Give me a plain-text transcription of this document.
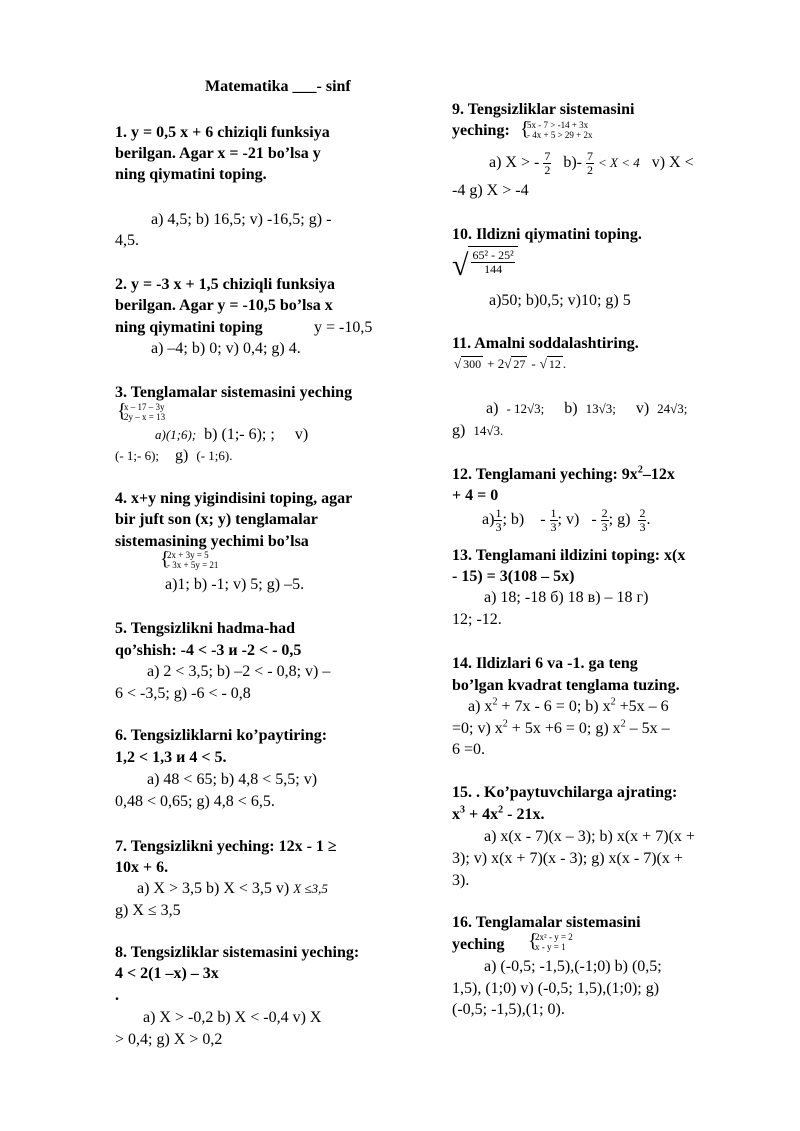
Matematika ___- sinf
1. y = 0,5 x + 6 chiziqli funksiya
berilgan. Agar x = -21 bo’lsa y
ning qiymatini toping.
a) 4,5; b) 16,5; v) -16,5; g) -
4,5.
2. y = -3 x + 1,5 chiziqli funksiya
berilgan. Agar y = -10,5 bo’lsa x
ning qiymatini toping	y = -10,5
a) –4; b) 0; v) 0,4; g) 4.
3. Tenglamalar sistemasini yeching
{ x – 17 – 3y
2y – x = 13
a)(1;6); b) (1;- 6); ;     v)
(- 1;- 6); g) (- 1;6).
4. x+y ning yigindisini toping, agar
bir juft son (x; y) tenglamalar
sistemasining yechimi bo’lsa
{ 2x + 3y = 5
- 3x + 5y = 21
a)1; b) -1; v) 5; g) –5.
5. Tengsizlikni hadma-had
qo’shish: -4 < -3 и -2 < - 0,5
a) 2 < 3,5; b) –2 < - 0,8; v) –
6 < -3,5; g) -6 < - 0,8
6. Tengsizliklarni ko’paytiring:
1,2 < 1,3 и 4 < 5.
a) 48 < 65; b) 4,8 < 5,5; v)
0,48 < 0,65; g) 4,8 < 6,5.
7. Tengsizlikni yeching: 12x - 1 ≥
10x + 6.
a) X > 3,5 b) X < 3,5 v) X ≤3,5
g) X ≤ 3,5
8. Tengsizliklar sistemasini yeching:
4 < 2(1 –x) – 3x
.
a) X > -0,2 b) X < -0,4 v) X
> 0,4; g) X > 0,2
9. Tengsizliklar sistemasini
yeching: { 5x - 7 > -14 + 3x
- 4x + 5 > 29 + 2x
a) X > - $\frac{7}{2} b)- \frac{7}{2} < X < 4$ v) X <
-4 g) X > -4
10. Ildizni qiymatini toping.
√ $\frac{\text{65² - 25²}}{144}$
a)50; b)0,5; v)10; g) 5
11. Amalni soddalashtiring.
√ 300 + 2√ 27 - √ 12 .
a) - 12√3; b) 13√3; v) 24√3;
g) 14√3.
12. Tenglamani yeching: $9x^2-12x$
+ 4 = 0
$a) \frac{1}{3}$ ; $b) - \frac{1}{3}$ ; $v) - \frac{2}{3}$ ; $g) \frac{2}{3}$ .
13. Tenglamani ildizini toping: x(x
- 15) = 3(108 – 5x)
a) 18; -18 б) 18 в) – 18 г)
12; -12.
14. Ildizlari 6 va -1. ga teng
bo’lgan kvadrat tenglama tuzing.
a) $x^2 + 7x - 6 = 0$; b) $x^2 +5x - 6$
=0; v) $x^2 + 5x +6 = 0$; g) $x^2 - 5x$ –
6 =0.
15. . Ko’paytuvchilarga ajrating:
$x^3 + 4x^2 - 21x$.
a) x(x - 7)(x – 3); b) x(x + 7)(x +
3); v) x(x + 7)(x - 3); g) x(x - 7)(x +
3).
16. Tenglamalar sistemasini
yeching	{ 2x² - y = 2
x - y = 1
a) (-0,5; -1,5),(-1;0) b) (0,5;
1,5), (1;0) v) (-0,5; 1,5),(1;0); g)
(-0,5; -1,5),(1; 0).
